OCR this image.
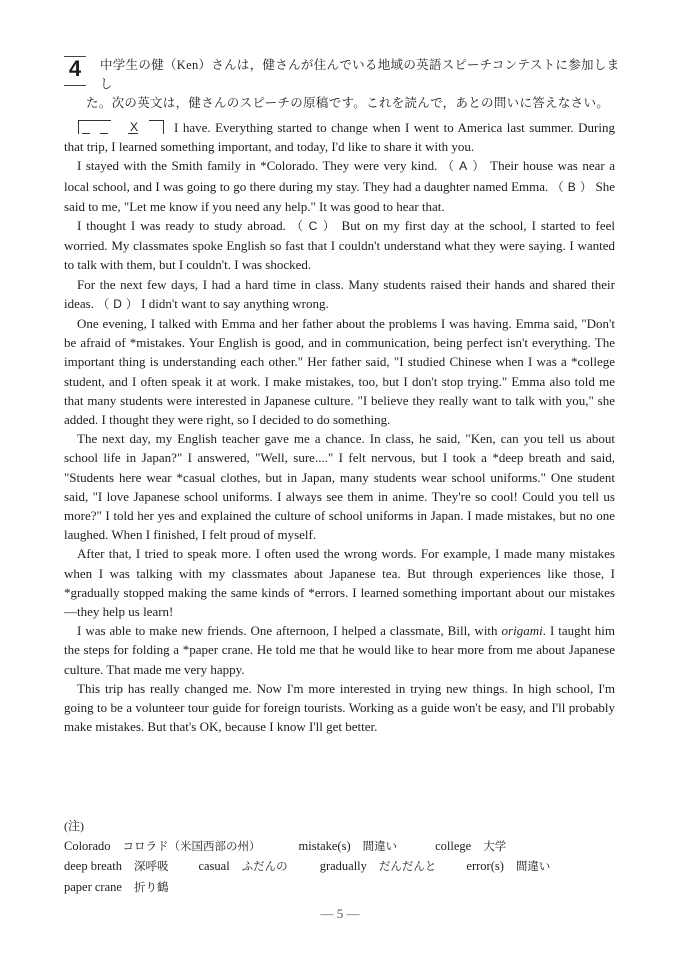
4	中学生の健（Ken）さんは，健さんが住んでいる地域の英語スピーチコンテストに参加しまし
た。次の英文は，健さんのスピーチの原稿です。これを読んで，あとの問いに答えなさい。

X	I have. Everything started to change when I went to America last summer. During that trip, I learned something important, and today, I'd like to share it with you.

I stayed with the Smith family in *Colorado. They were very kind. （ A ） Their house was near a local school, and I was going to go there during my stay. They had a daughter named Emma. （ B ） She said to me, "Let me know if you need any help." It was good to hear that.

I thought I was ready to study abroad. （ C ） But on my first day at the school, I started to feel worried. My classmates spoke English so fast that I couldn't understand what they were saying. I wanted to talk with them, but I couldn't. I was shocked.

For the next few days, I had a hard time in class. Many students raised their hands and shared their ideas. （ D ） I didn't want to say anything wrong.

One evening, I talked with Emma and her father about the problems I was having. Emma said, "Don't be afraid of *mistakes. Your English is good, and in communication, being perfect isn't everything. The important thing is understanding each other." Her father said, "I studied Chinese when I was a *college student, and I often speak it at work. I make mistakes, too, but I don't stop trying." Emma also told me that many students were interested in Japanese culture. "I believe they really want to talk with you," she added. I thought they were right, so I decided to do something.

The next day, my English teacher gave me a chance. In class, he said, "Ken, can you tell us about school life in Japan?" I answered, "Well, sure...." I felt nervous, but I took a *deep breath and said, "Students here wear *casual clothes, but in Japan, many students wear school uniforms." One student said, "I love Japanese school uniforms. I always see them in anime. They're so cool! Could you tell us more?" I told her yes and explained the culture of school uniforms in Japan. I made mistakes, but no one laughed. When I finished, I felt proud of myself.

After that, I tried to speak more. I often used the wrong words. For example, I made many mistakes when I was talking with my classmates about Japanese tea. But through experiences like those, I *gradually stopped making the same kinds of *errors. I learned something important about our mistakes—they help us learn!

I was able to make new friends. One afternoon, I helped a classmate, Bill, with origami. I taught him the steps for folding a *paper crane. He told me that he would like to hear more from me about Japanese culture. That made me very happy.

This trip has really changed me. Now I'm more interested in trying new things. In high school, I'm going to be a volunteer tour guide for foreign tourists. Working as a guide won't be easy, and I'll probably make mistakes. But that's OK, because I know I'll get better.

(注)
Colorado コロラド（米国西部の州）	mistake(s) 間違い	college 大学
deep breath 深呼吸 casual ふだんの	gradually だんだんと error(s) 間違い
paper crane 折り鶴
— 5 —
